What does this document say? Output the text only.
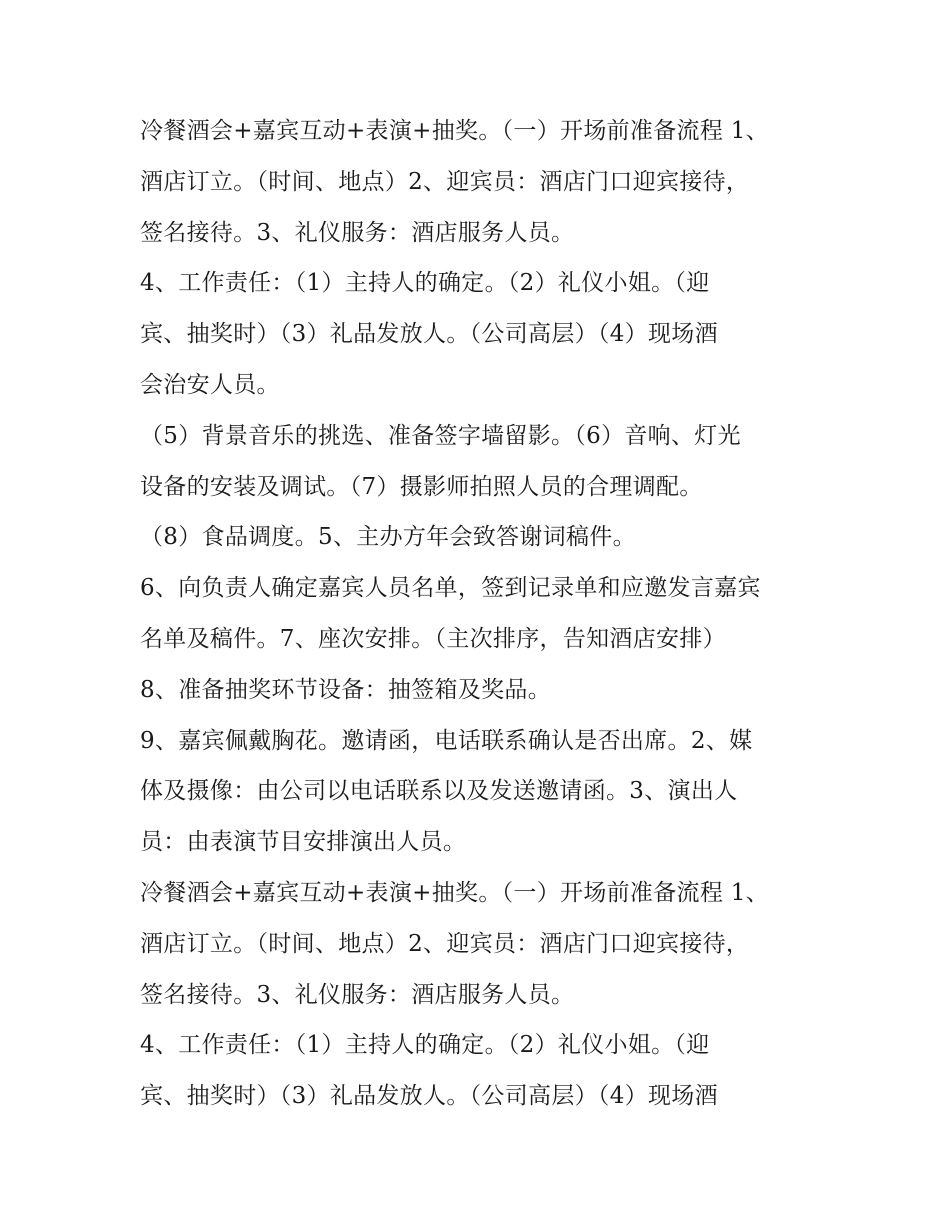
冷餐酒会+嘉宾互动+表演+抽奖。（一）开场前准备流程 1、
酒店订立。（时间、地点）2、迎宾员：酒店门口迎宾接待，
签名接待。3、礼仪服务：酒店服务人员。
4、工作责任：（1）主持人的确定。（2）礼仪小姐。（迎
宾、抽奖时）（3）礼品发放人。（公司高层）（4）现场酒
会治安人员。
（5）背景音乐的挑选、准备签字墙留影。（6）音响、灯光
设备的安装及调试。（7）摄影师拍照人员的合理调配。
（8）食品调度。5、主办方年会致答谢词稿件。
6、向负责人确定嘉宾人员名单，签到记录单和应邀发言嘉宾
名单及稿件。7、座次安排。（主次排序，告知酒店安排）
8、准备抽奖环节设备：抽签箱及奖品。
9、嘉宾佩戴胸花。邀请函，电话联系确认是否出席。2、媒
体及摄像：由公司以电话联系以及发送邀请函。3、演出人
员：由表演节目安排演出人员。
冷餐酒会+嘉宾互动+表演+抽奖。（一）开场前准备流程 1、
酒店订立。（时间、地点）2、迎宾员：酒店门口迎宾接待，
签名接待。3、礼仪服务：酒店服务人员。
4、工作责任：（1）主持人的确定。（2）礼仪小姐。（迎
宾、抽奖时）（3）礼品发放人。（公司高层）（4）现场酒
